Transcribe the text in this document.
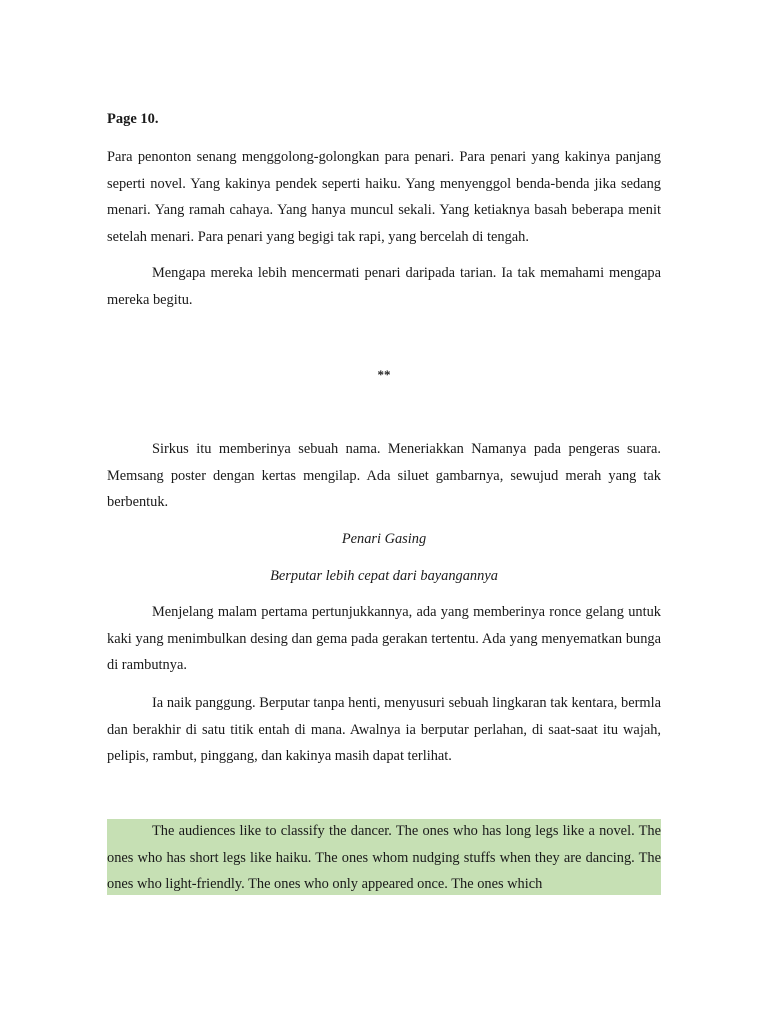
Page 10.

Para penonton senang menggolong-golongkan para penari. Para penari yang kakinya panjang seperti novel. Yang kakinya pendek seperti haiku. Yang menyenggol benda-benda jika sedang menari. Yang ramah cahaya. Yang hanya muncul sekali. Yang ketiaknya basah beberapa menit setelah menari. Para penari yang begigi tak rapi, yang bercelah di tengah.

Mengapa mereka lebih mencermati penari daripada tarian. Ia tak memahami mengapa mereka begitu.

**

Sirkus itu memberinya sebuah nama. Meneriakkan Namanya pada pengeras suara. Memsang poster dengan kertas mengilap. Ada siluet gambarnya, sewujud merah yang tak berbentuk.

Penari Gasing

Berputar lebih cepat dari bayangannya

Menjelang malam pertama pertunjukkannya, ada yang memberinya ronce gelang untuk kaki yang menimbulkan desing dan gema pada gerakan tertentu. Ada yang menyematkan bunga di rambutnya.

Ia naik panggung. Berputar tanpa henti, menyusuri sebuah lingkaran tak kentara, bermla dan berakhir di satu titik entah di mana. Awalnya ia berputar perlahan, di saat-saat itu wajah, pelipis, rambut, pinggang, dan kakinya masih dapat terlihat.

The audiences like to classify the dancer. The ones who has long legs like a novel. The ones who has short legs like haiku. The ones whom nudging stuffs when they are dancing. The ones who light-friendly. The ones who only appeared once. The ones which
